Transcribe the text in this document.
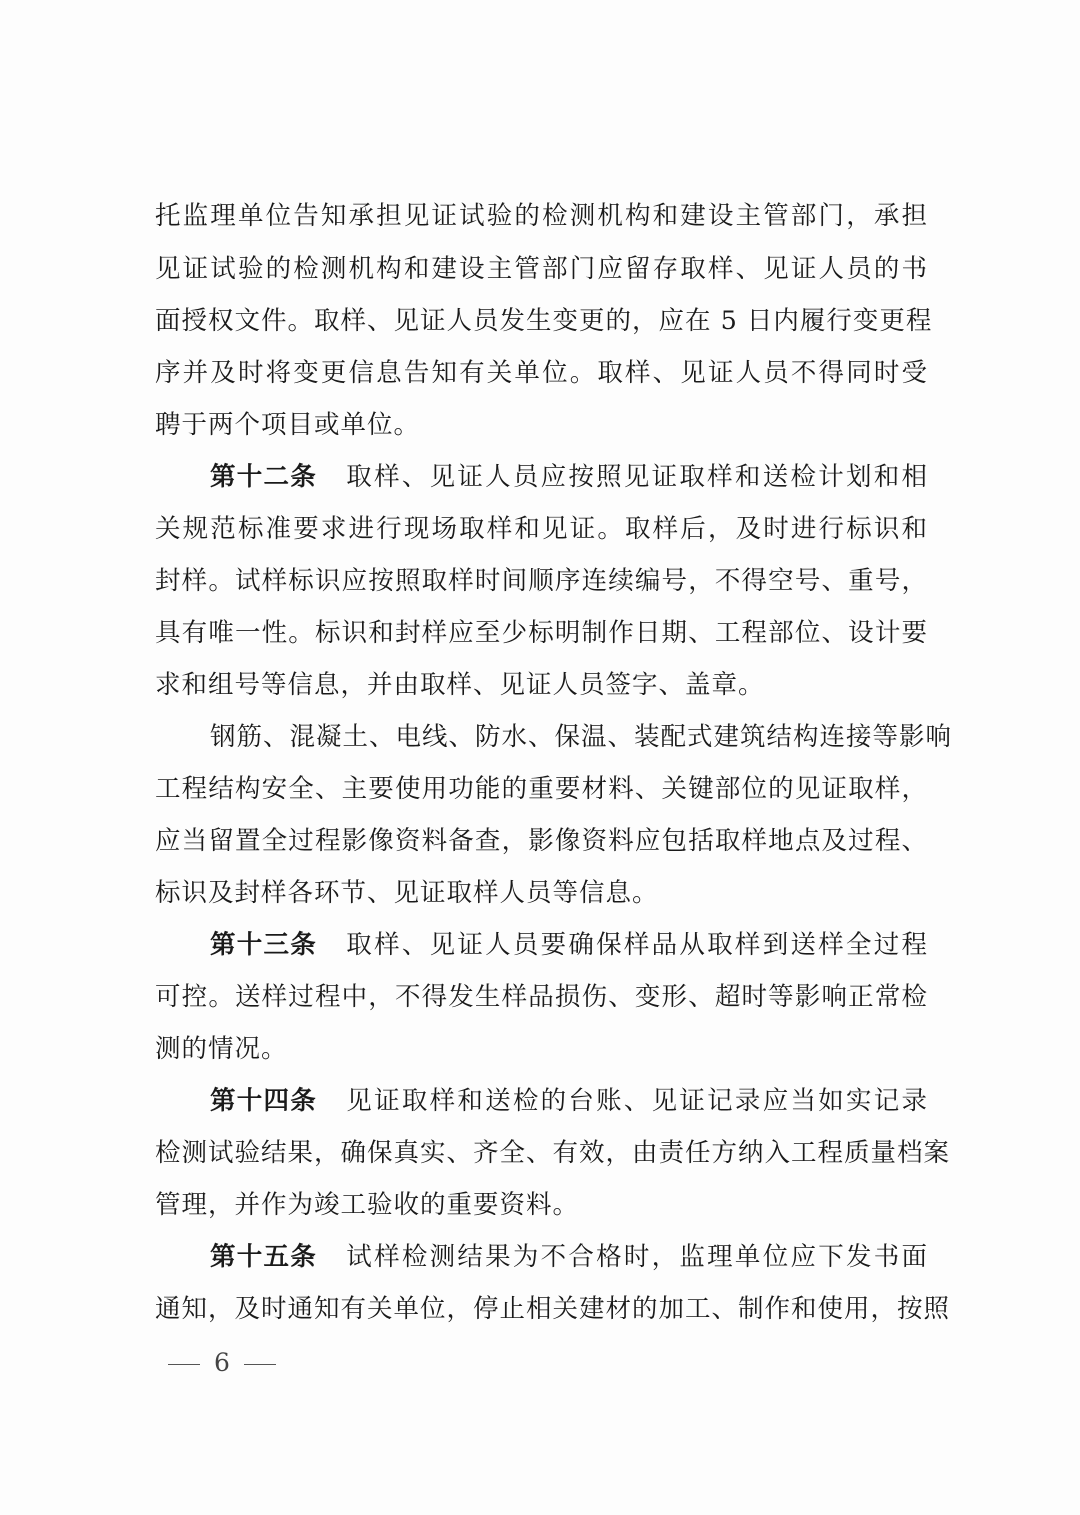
托监理单位告知承担见证试验的检测机构和建设主管部门，承担
见证试验的检测机构和建设主管部门应留存取样、见证人员的书
面授权文件。取样、见证人员发生变更的，应在 5 日内履行变更程
序并及时将变更信息告知有关单位。取样、见证人员不得同时受
聘于两个项目或单位。
第十二条 取样、见证人员应按照见证取样和送检计划和相
关规范标准要求进行现场取样和见证。取样后，及时进行标识和
封样。试样标识应按照取样时间顺序连续编号，不得空号、重号，
具有唯一性。标识和封样应至少标明制作日期、工程部位、设计要
求和组号等信息，并由取样、见证人员签字、盖章。
钢筋、混凝土、电线、防水、保温、装配式建筑结构连接等影响
工程结构安全、主要使用功能的重要材料、关键部位的见证取样，
应当留置全过程影像资料备查，影像资料应包括取样地点及过程、
标识及封样各环节、见证取样人员等信息。
第十三条 取样、见证人员要确保样品从取样到送样全过程
可控。送样过程中，不得发生样品损伤、变形、超时等影响正常检
测的情况。
第十四条 见证取样和送检的台账、见证记录应当如实记录
检测试验结果，确保真实、齐全、有效，由责任方纳入工程质量档案
管理，并作为竣工验收的重要资料。
第十五条 试样检测结果为不合格时，监理单位应下发书面
通知，及时通知有关单位，停止相关建材的加工、制作和使用，按照
6
